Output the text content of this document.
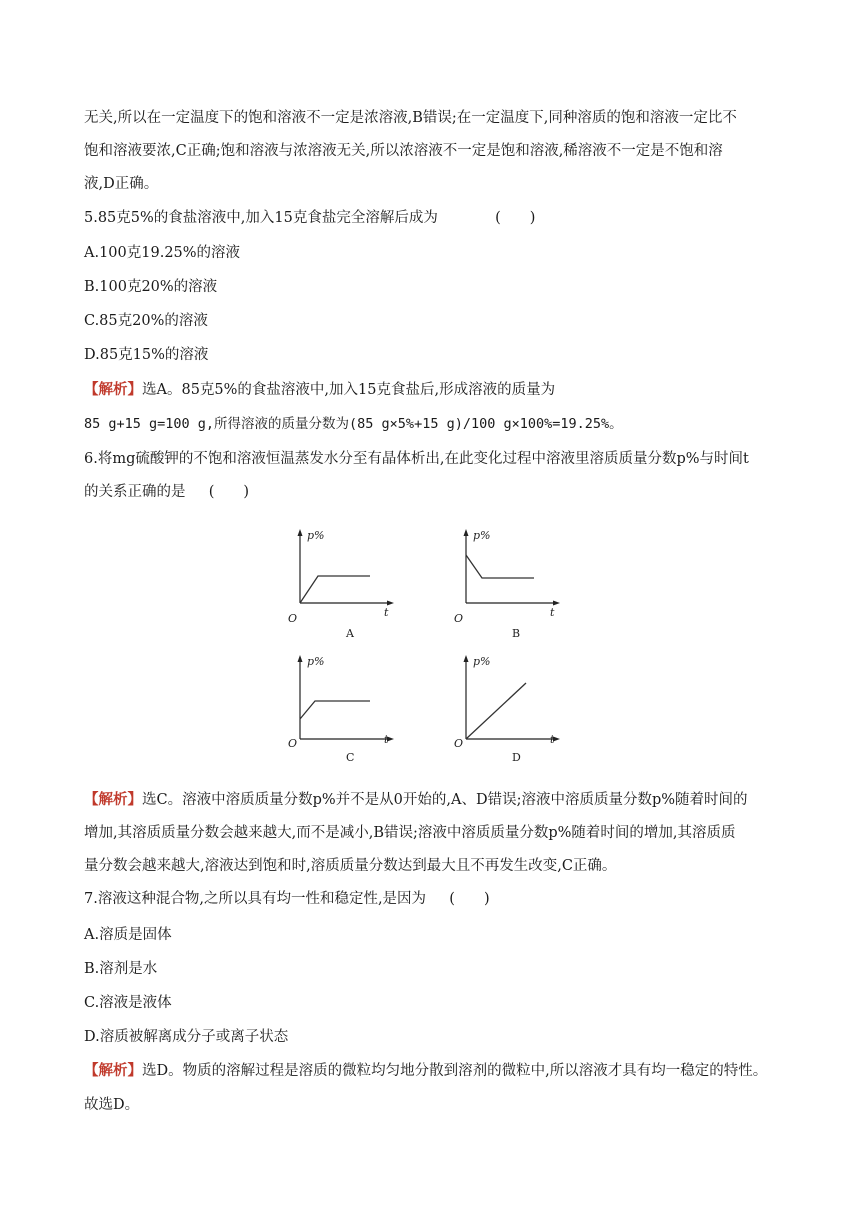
无关,所以在一定温度下的饱和溶液不一定是浓溶液,B错误;在一定温度下,同种溶质的饱和溶液一定比不
饱和溶液要浓,C正确;饱和溶液与浓溶液无关,所以浓溶液不一定是饱和溶液,稀溶液不一定是不饱和溶
液,D正确。
5.85克5%的食盐溶液中,加入15克食盐完全溶解后成为	(　　)
A.100克19.25%的溶液
B.100克20%的溶液
C.85克20%的溶液
D.85克15%的溶液
【解析】选A。85克5%的食盐溶液中,加入15克食盐后,形成溶液的质量为
85 g+15 g=100 g,所得溶液的质量分数为(85 g×5%+15 g)/100 g×100%=19.25%。
6.将mg硫酸钾的不饱和溶液恒温蒸发水分至有晶体析出,在此变化过程中溶液里溶质质量分数p%与时间t
的关系正确的是 (　　)
p%
t
O
A
p%
t
O
B
p%
t
O
C
p%
t
O
D
【解析】选C。溶液中溶质质量分数p%并不是从0开始的,A、D错误;溶液中溶质质量分数p%随着时间的
增加,其溶质质量分数会越来越大,而不是减小,B错误;溶液中溶质质量分数p%随着时间的增加,其溶质质
量分数会越来越大,溶液达到饱和时,溶质质量分数达到最大且不再发生改变,C正确。
7.溶液这种混合物,之所以具有均一性和稳定性,是因为 (　　)
A.溶质是固体
B.溶剂是水
C.溶液是液体
D.溶质被解离成分子或离子状态
【解析】选D。物质的溶解过程是溶质的微粒均匀地分散到溶剂的微粒中,所以溶液才具有均一稳定的特性。
故选D。
